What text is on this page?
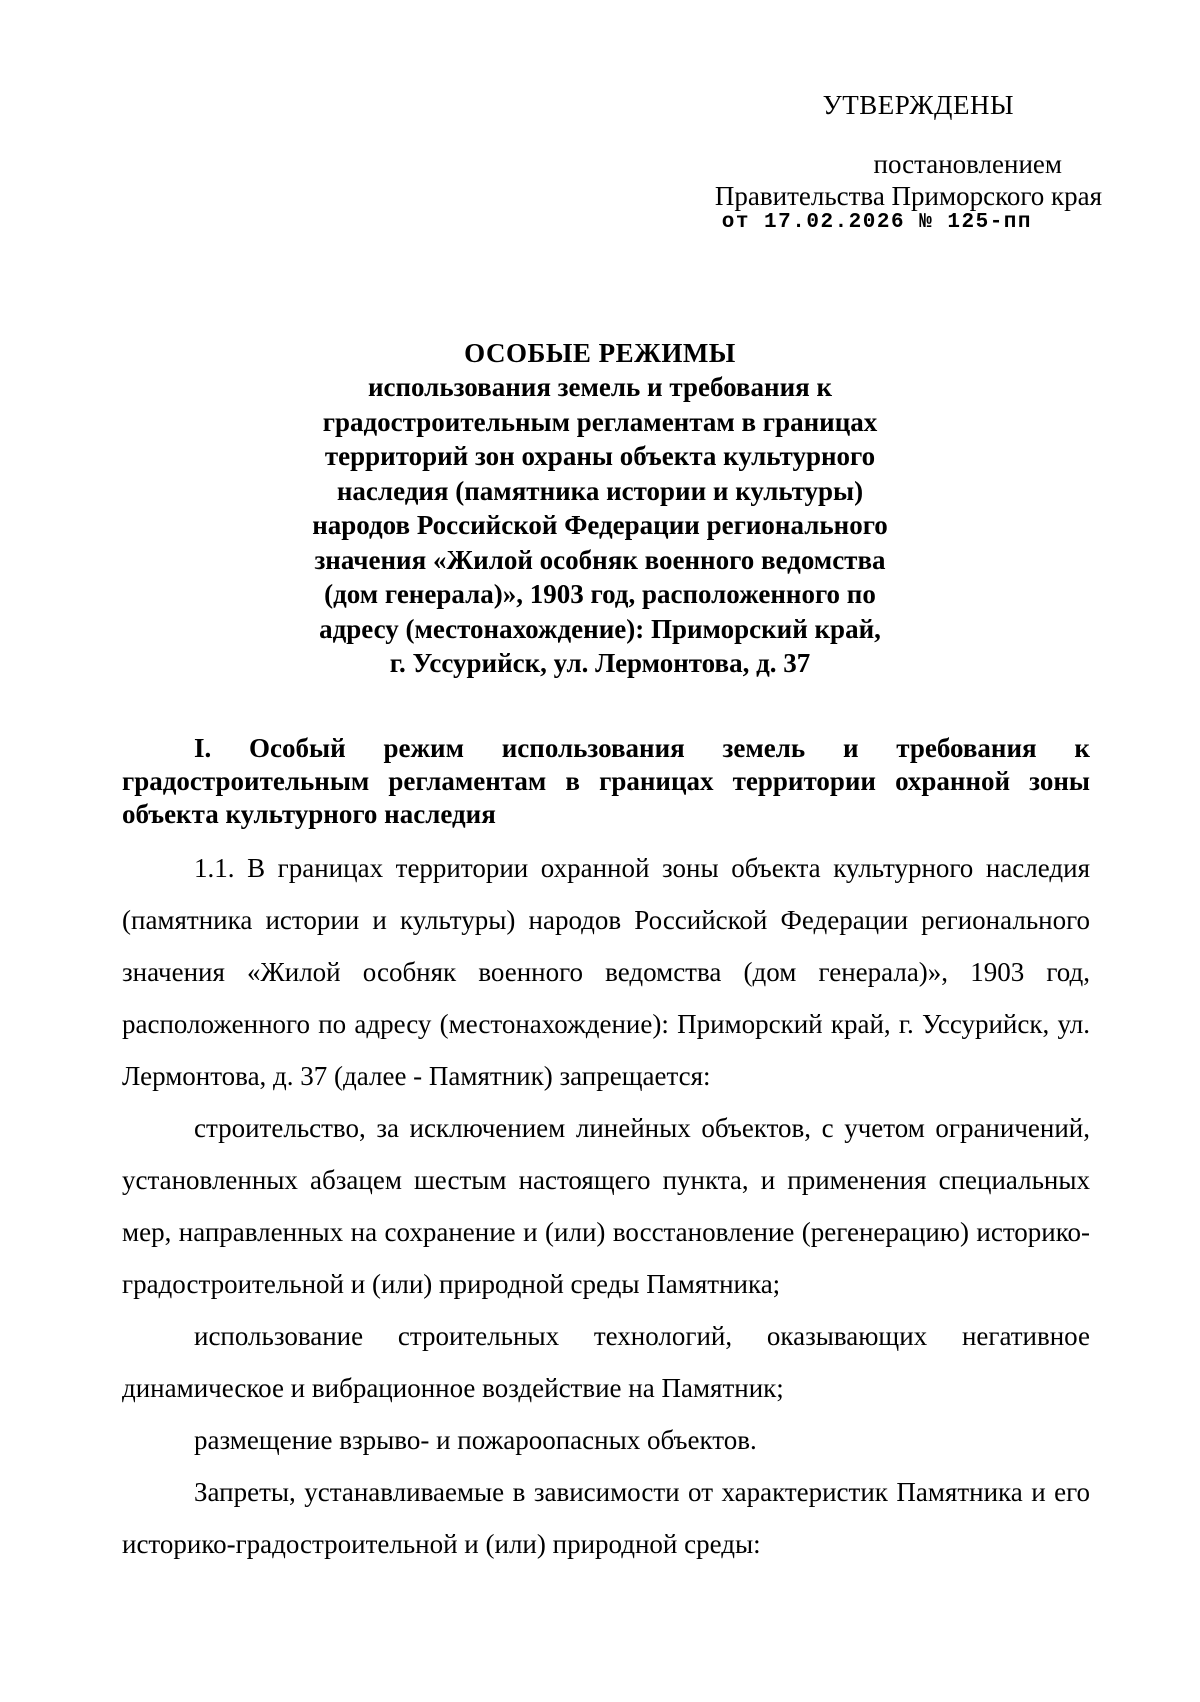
УТВЕРЖДЕНЫ
постановлением
Правительства Приморского края
от 17.02.2026 № 125-пп
ОСОБЫЕ РЕЖИМЫ
использования земель и требования к
градостроительным регламентам в границах
территорий зон охраны объекта культурного
наследия (памятника истории и культуры)
народов Российской Федерации регионального
значения «Жилой особняк военного ведомства
(дом генерала)», 1903 год, расположенного по
адресу (местонахождение): Приморский край,
г. Уссурийск, ул. Лермонтова, д. 37
I. Особый режим использования земель и требования к
градостроительным регламентам в границах территории охранной зоны объекта культурного наследия

1.1. В границах территории охранной зоны объекта культурного наследия (памятника истории и культуры) народов Российской Федерации регионального значения «Жилой особняк военного ведомства (дом генерала)», 1903 год, расположенного по адресу (местонахождение): Приморский край, г. Уссурийск, ул. Лермонтова, д. 37 (далее - Памятник) запрещается:

строительство, за исключением линейных объектов, с учетом ограничений, установленных абзацем шестым настоящего пункта, и применения специальных мер, направленных на сохранение и (или) восстановление (регенерацию) историко-градостроительной и (или) природной среды Памятника;

использование строительных технологий, оказывающих негативное динамическое и вибрационное воздействие на Памятник;

размещение взрыво- и пожароопасных объектов.

Запреты, устанавливаемые в зависимости от характеристик Памятника и его историко-градостроительной и (или) природной среды:
